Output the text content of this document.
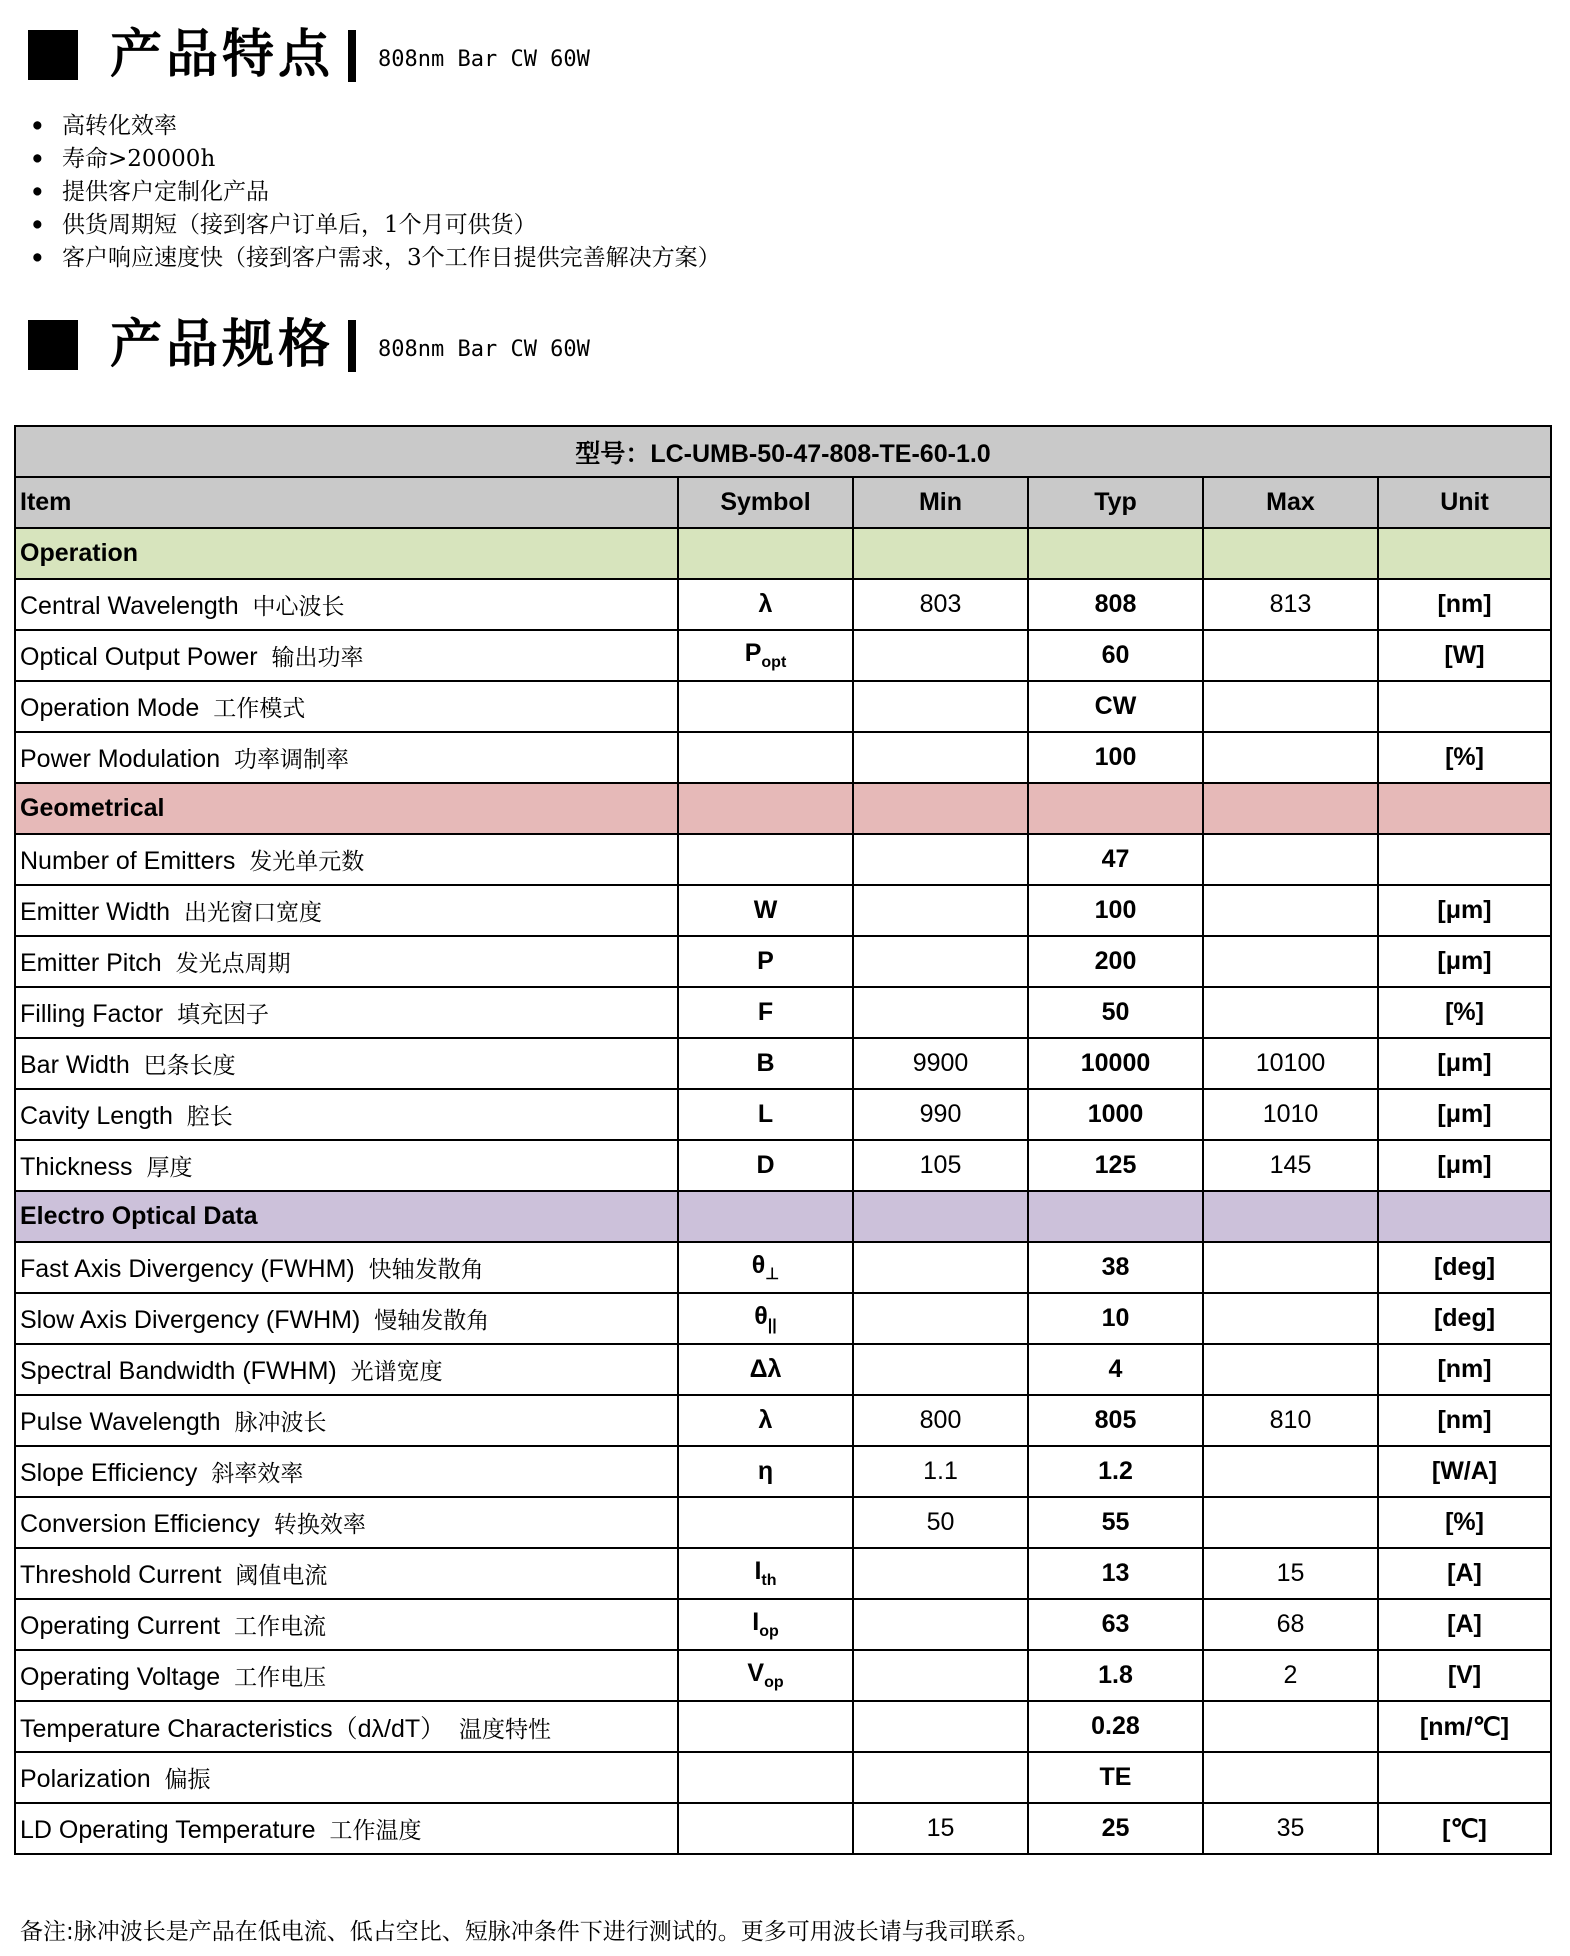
产品特点 808nm Bar CW 60W
• 高转化效率
• 寿命>20000h
• 提供客户定制化产品
• 供货周期短（接到客户订单后，1个月可供货）
• 客户响应速度快（接到客户需求，3个工作日提供完善解决方案）
产品规格 808nm Bar CW 60W
型号：LC-UMB-50-47-808-TE-60-1.0					
Item	Symbol	Min	Typ	Max	Unit
Operation					
Central Wavelength 中心波长	λ	803	808	813	[nm]
Optical Output Power 输出功率	$P_{opt}$		60		[W]
Operation Mode 工作模式			CW		
Power Modulation 功率调制率			100		[%]
Geometrical					
Number of Emitters 发光单元数			47		
Emitter Width 出光窗口宽度	W		100		[μm]
Emitter Pitch 发光点周期	P		200		[μm]
Filling Factor 填充因子	F		50		[%]
Bar Width 巴条长度	B	9900	10000	10100	[μm]
Cavity Length 腔长	L	990	1000	1010	[μm]
Thickness 厚度	D	105	125	145	[μm]
Electro Optical Data					
Fast Axis Divergency (FWHM) 快轴发散角	$\theta_\perp$		38		[deg]
Slow Axis Divergency (FWHM) 慢轴发散角	$\theta_{||}$		10		[deg]
Spectral Bandwidth (FWHM) 光谱宽度	Δλ		4		[nm]
Pulse Wavelength 脉冲波长	λ	800	805	810	[nm]
Slope Efficiency 斜率效率	η	1.1	1.2		[W/A]
Conversion Efficiency 转换效率		50	55		[%]
Threshold Current 阈值电流	$I_{th}$		13	15	[A]
Operating Current 工作电流	$I_{op}$		63	68	[A]
Operating Voltage 工作电压	$V_{op}$		1.8	2	[V]
Temperature Characteristics（dλ/dT） 温度特性			0.28		[nm/℃]
Polarization 偏振			TE		
LD Operating Temperature 工作温度		15	25	35	[℃]
备注:脉冲波长是产品在低电流、低占空比、短脉冲条件下进行测试的。更多可用波长请与我司联系。
